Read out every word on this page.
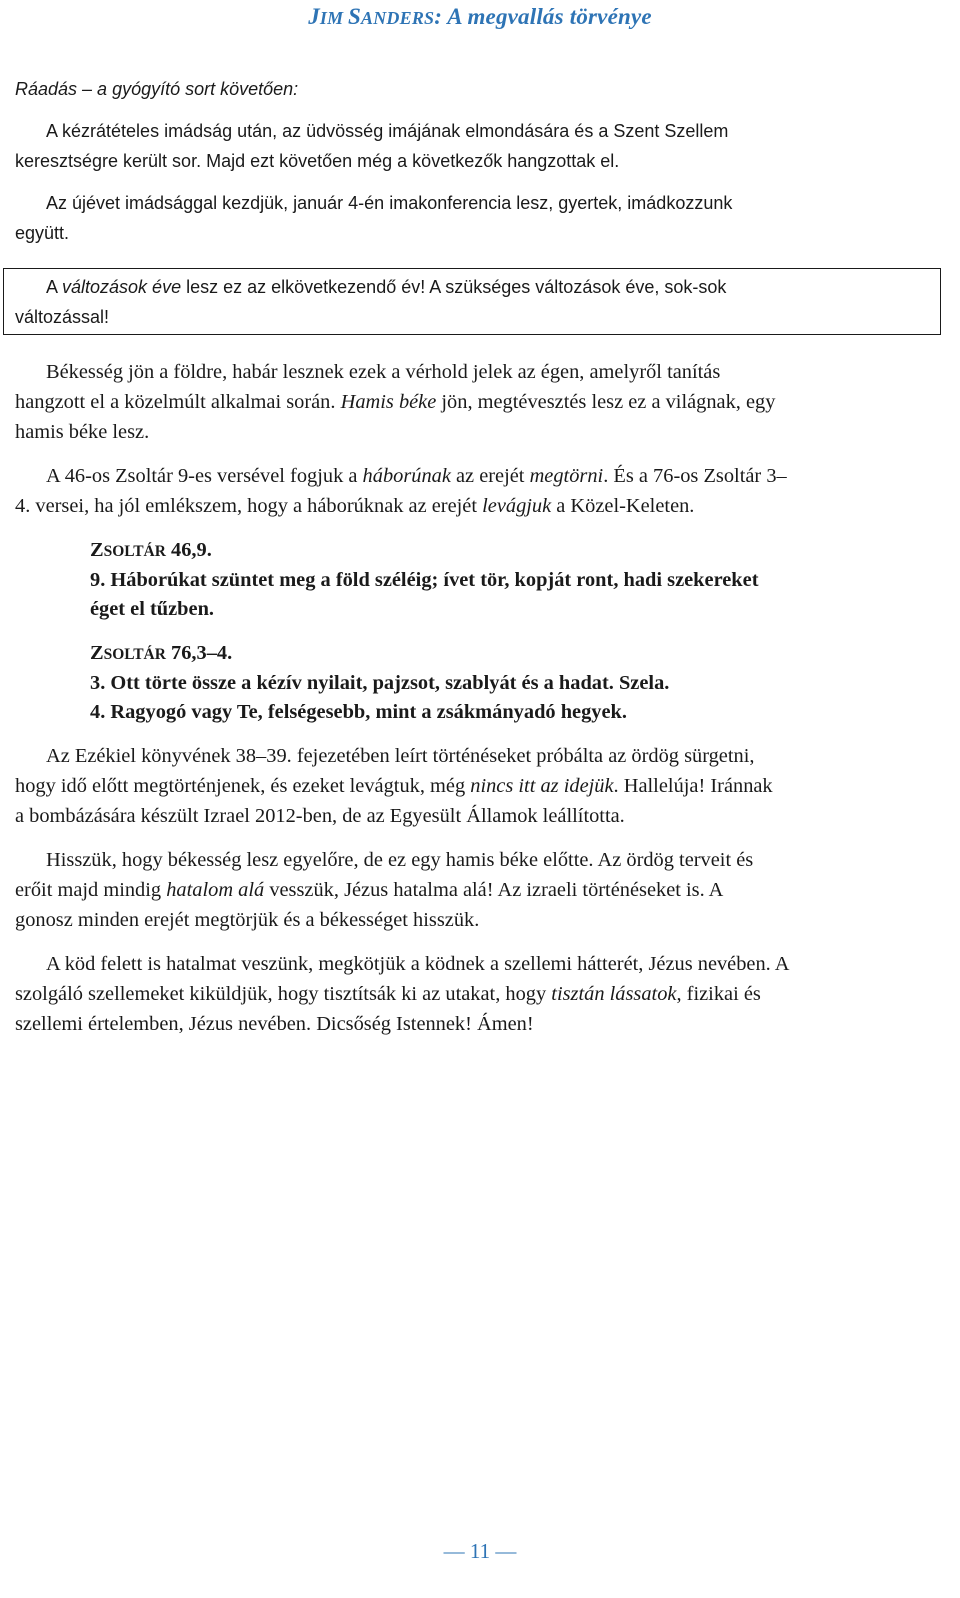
JIM SANDERS: A megvallás törvénye

Ráadás – a gyógyító sort követően:

A kézrátételes imádság után, az üdvösség imájának elmondására és a Szent Szellem
keresztségre került sor. Majd ezt követően még a következők hangzottak el.

Az újévet imádsággal kezdjük, január 4-én imakonferencia lesz, gyertek, imádkozzunk
együtt.

A változások éve lesz ez az elkövetkezendő év! A szükséges változások éve, sok-sok
változással!

Békesség jön a földre, habár lesznek ezek a vérhold jelek az égen, amelyről tanítás
hangzott el a közelmúlt alkalmai során. Hamis béke jön, megtévesztés lesz ez a világnak, egy
hamis béke lesz.

A 46-os Zsoltár 9-es versével fogjuk a háborúnak az erejét megtörni. És a 76-os Zsoltár 3–
4. versei, ha jól emlékszem, hogy a háborúknak az erejét levágjuk a Közel-Keleten.

ZSOLTÁR 46,9.
9. Háborúkat szüntet meg a föld széléig; ívet tör, kopját ront, hadi szekereket
éget el tűzben.
ZSOLTÁR 76,3–4.
3. Ott törte össze a kézív nyilait, pajzsot, szablyát és a hadat. Szela.
4. Ragyogó vagy Te, felségesebb, mint a zsákmányadó hegyek.

Az Ezékiel könyvének 38–39. fejezetében leírt történéseket próbálta az ördög sürgetni,
hogy idő előtt megtörténjenek, és ezeket levágtuk, még nincs itt az idejük. Hallelúja! Iránnak
a bombázására készült Izrael 2012-ben, de az Egyesült Államok leállította.

Hisszük, hogy békesség lesz egyelőre, de ez egy hamis béke előtte. Az ördög terveit és
erőit majd mindig hatalom alá vesszük, Jézus hatalma alá! Az izraeli történéseket is. A
gonosz minden erejét megtörjük és a békességet hisszük.

A köd felett is hatalmat veszünk, megkötjük a ködnek a szellemi hátterét, Jézus nevében. A
szolgáló szellemeket kiküldjük, hogy tisztítsák ki az utakat, hogy tisztán lássatok, fizikai és
szellemi értelemben, Jézus nevében. Dicsőség Istennek! Ámen!

— 11 —
